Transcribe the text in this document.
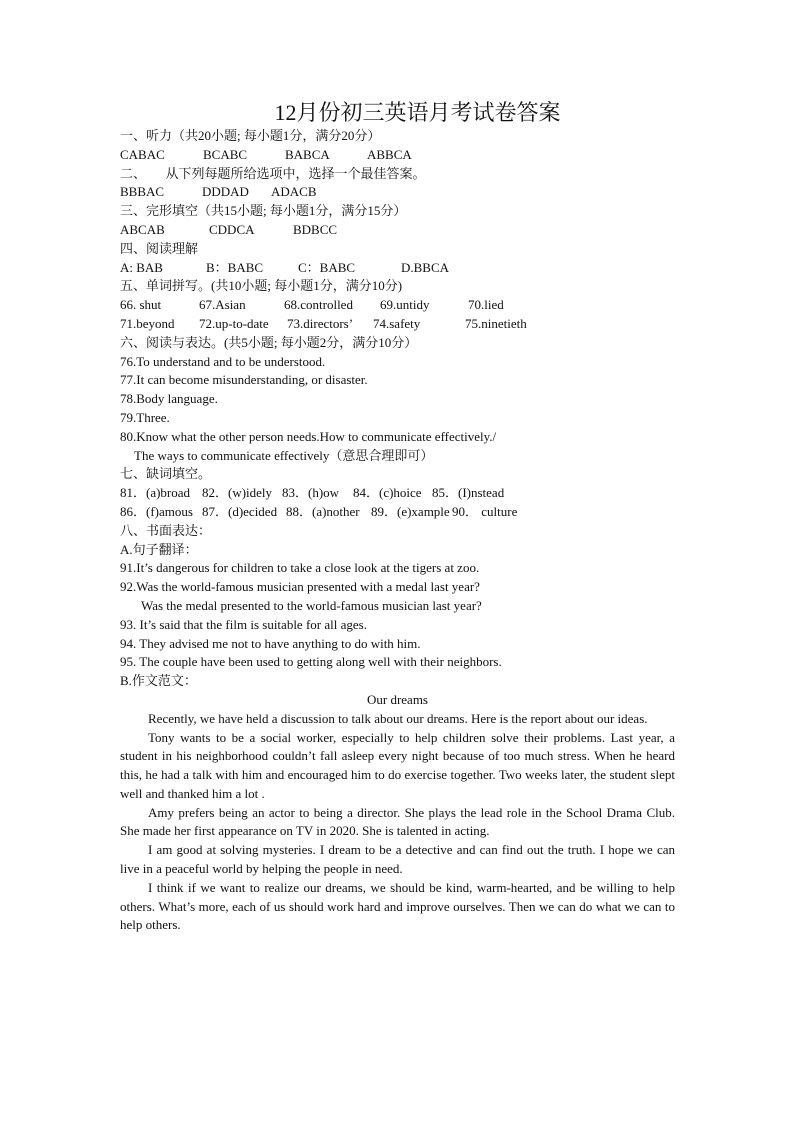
12月份初三英语月考试卷答案
一、听力（共20小题; 每小题1分，满分20分）
CABAC	BCABC	BABCA	ABBCA
二、      从下列每题所给选项中，选择一个最佳答案。
BBBAC	DDDAD	ADACB
三、完形填空（共15小题; 每小题1分，满分15分）
ABCAB	CDDCA	BDBCC
四、阅读理解
A: BAB	B：BABC	C：BABC	D.BBCA
五、单词拼写。(共10小题; 每小题1分，满分10分)
66. shut	67.Asian	68.controlled	69.untidy	70.lied
71.beyond	72.up-to-date	73.directors’	74.safety	75.ninetieth
六、阅读与表达。(共5小题; 每小题2分，满分10分）
76.To understand and to be understood.
77.It can become misunderstanding, or disaster.
78.Body language.
79.Three.
80.Know what the other person needs.How to communicate effectively./
The ways to communicate effectively（意思合理即可）
七、缺词填空。
81．(a)broad 82．(w)idely 83．(h)ow	84．(c)hoice 85．(I)nstead
86．(f)amous 87．(d)ecided 88．(a)nother 89．(e)xample 90． culture
八、书面表达：
A.句子翻译：
91.It’s dangerous for children to take a close look at the tigers at zoo.
92.Was the world-famous musician presented with a medal last year?
Was the medal presented to the world-famous musician last year?
93. It’s said that the film is suitable for all ages.
94. They advised me not to have anything to do with him.
95. The couple have been used to getting along well with their neighbors.
B.作文范文：
Our dreams

Recently, we have held a discussion to talk about our dreams. Here is the report about our ideas.

Tony wants to be a social worker, especially to help children solve their problems. Last year, a student in his neighborhood couldn’t fall asleep every night because of too much stress. When he heard this, he had a talk with him and encouraged him to do exercise together. Two weeks later, the student slept well and thanked him a lot .

Amy prefers being an actor to being a director. She plays the lead role in the School Drama Club. She made her first appearance on TV in 2020. She is talented in acting.

I am good at solving mysteries. I dream to be a detective and can find out the truth. I hope we can live in a peaceful world by helping the people in need.

I think if we want to realize our dreams, we should be kind, warm-hearted, and be willing to help others. What’s more, each of us should work hard and improve ourselves. Then we can do what we can to help others.
